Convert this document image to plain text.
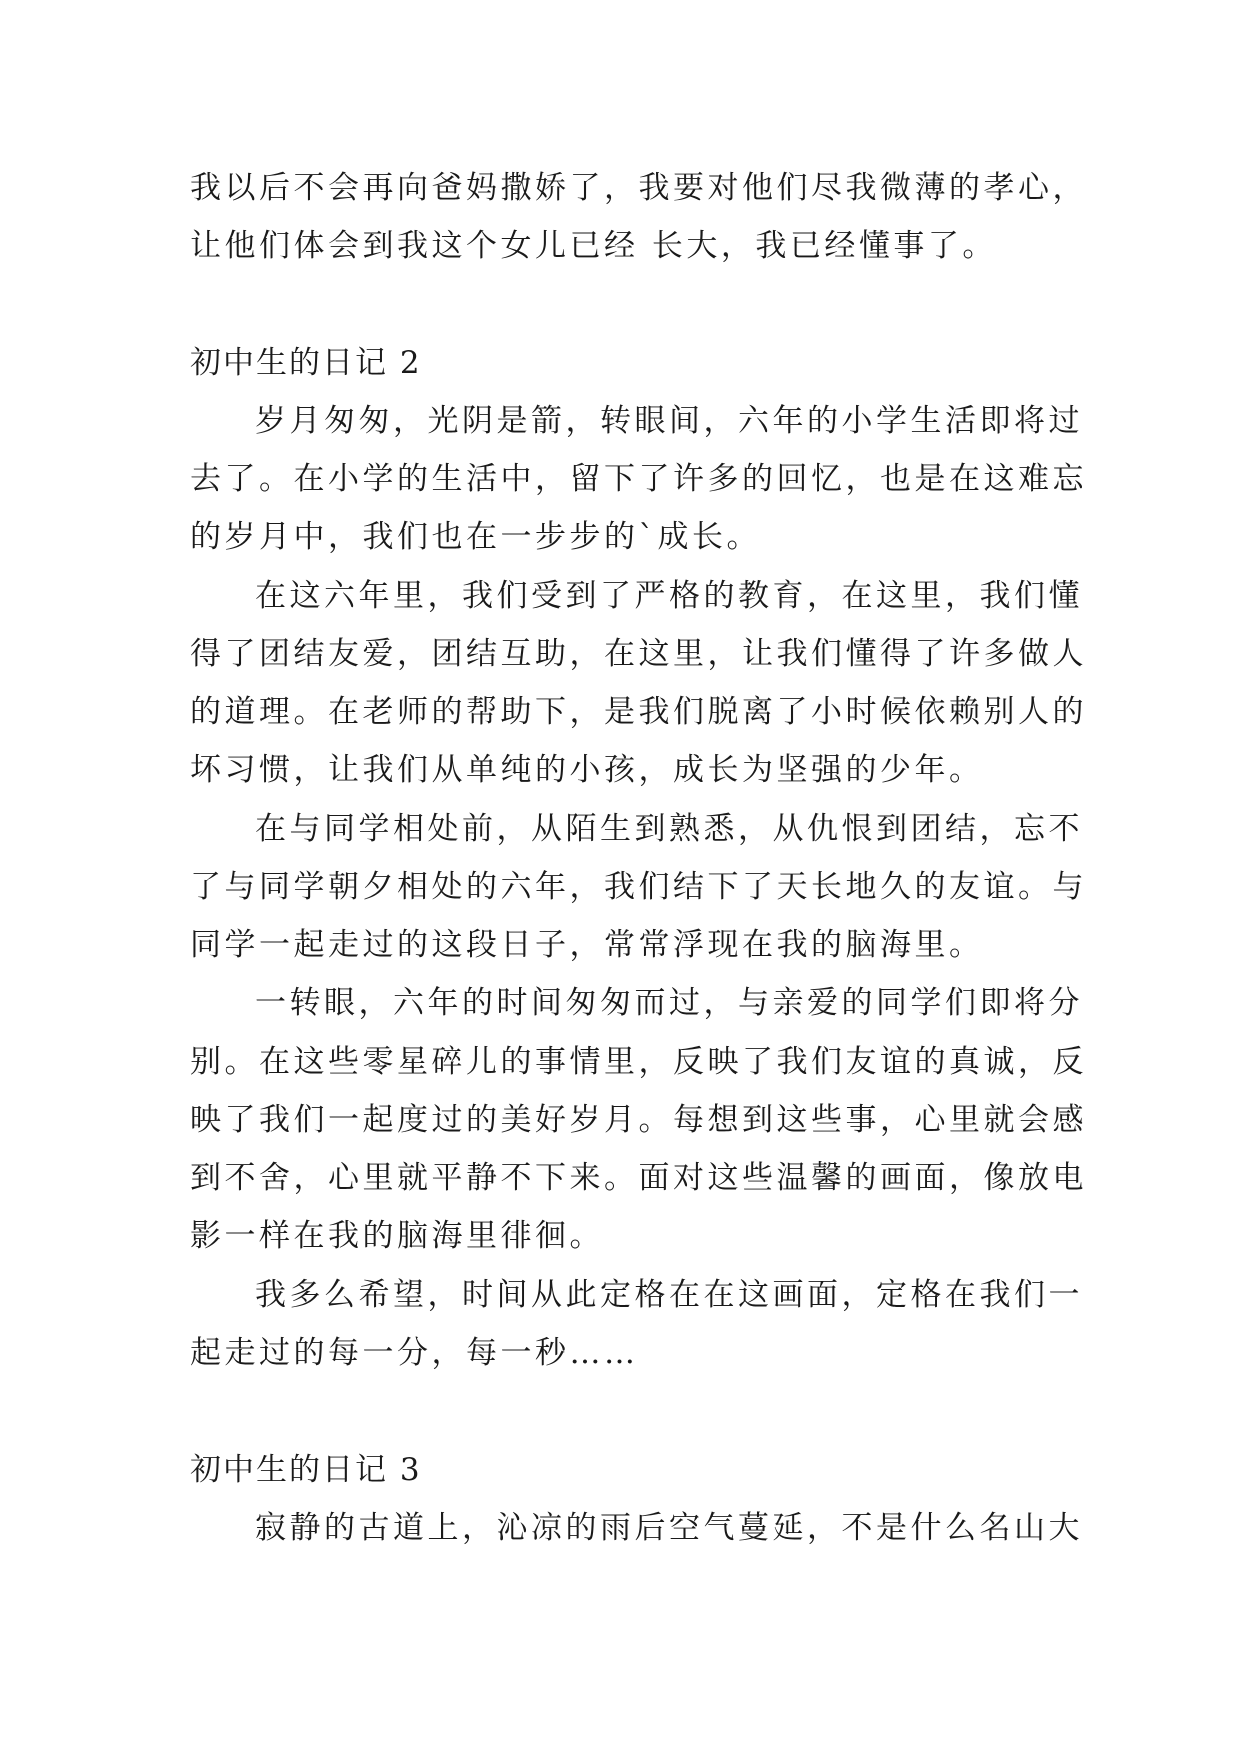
我以后不会再向爸妈撒娇了，我要对他们尽我微薄的孝心，
让他们体会到我这个女儿已经 长大，我已经懂事了。
初中生的日记 2
岁月匆匆，光阴是箭，转眼间，六年的小学生活即将过
去了。在小学的生活中，留下了许多的回忆，也是在这难忘
的岁月中，我们也在一步步的`成长。
在这六年里，我们受到了严格的教育，在这里，我们懂
得了团结友爱，团结互助，在这里，让我们懂得了许多做人
的道理。在老师的帮助下，是我们脱离了小时候依赖别人的
坏习惯，让我们从单纯的小孩，成长为坚强的少年。
在与同学相处前，从陌生到熟悉，从仇恨到团结，忘不
了与同学朝夕相处的六年，我们结下了天长地久的友谊。与
同学一起走过的这段日子，常常浮现在我的脑海里。
一转眼，六年的时间匆匆而过，与亲爱的同学们即将分
别。在这些零星碎儿的事情里，反映了我们友谊的真诚，反
映了我们一起度过的美好岁月。每想到这些事，心里就会感
到不舍，心里就平静不下来。面对这些温馨的画面，像放电
影一样在我的脑海里徘徊。
我多么希望，时间从此定格在在这画面，定格在我们一
起走过的每一分，每一秒……
初中生的日记 3
寂静的古道上，沁凉的雨后空气蔓延，不是什么名山大
